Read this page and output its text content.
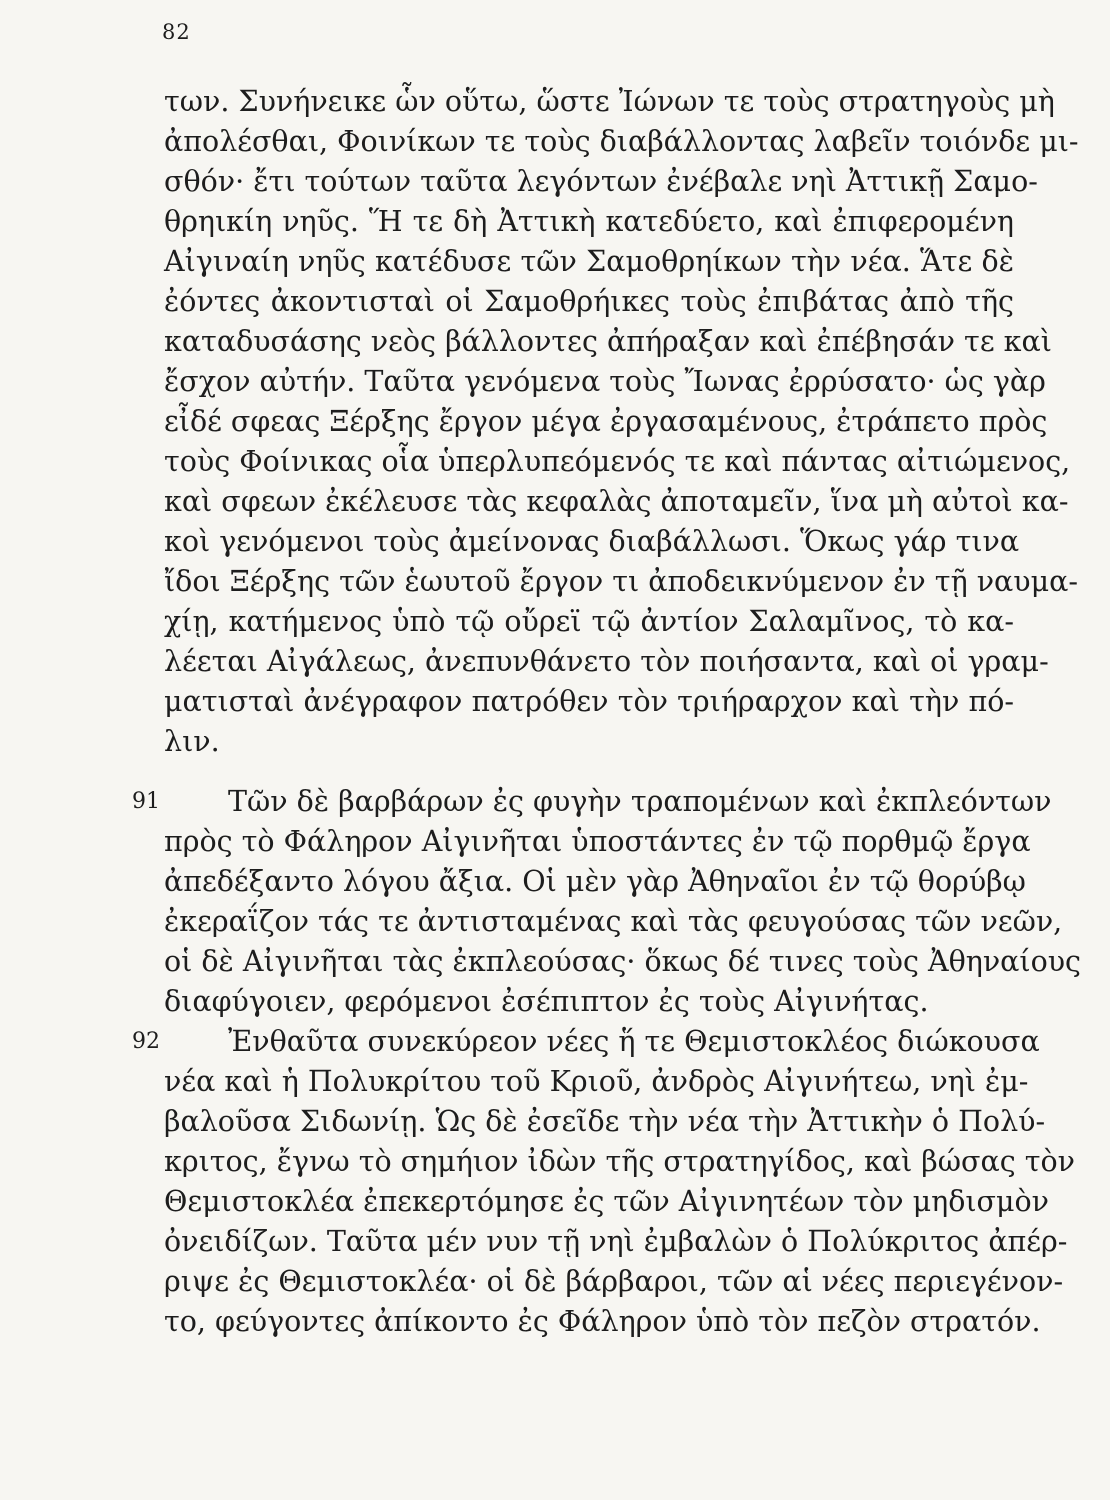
82
91
92
των. Συνήνεικε ὧν οὕτω, ὥστε Ἰώνων τε τοὺς στρατηγοὺς μὴ
ἀπολέσθαι, Φοινίκων τε τοὺς διαβάλλοντας λαβεῖν τοιόνδε μι-
σθόν· ἔτι τούτων ταῦτα λεγόντων ἐνέβαλε νηὶ Ἀττικῇ Σαμο-
θρηικίη νηῦς. Ἥ τε δὴ Ἀττικὴ κατεδύετο, καὶ ἐπιφερομένη
Αἰγιναίη νηῦς κατέδυσε τῶν Σαμοθρηίκων τὴν νέα. Ἅτε δὲ
ἐόντες ἀκοντισταὶ οἱ Σαμοθρήικες τοὺς ἐπιβάτας ἀπὸ τῆς
καταδυσάσης νεὸς βάλλοντες ἀπήραξαν καὶ ἐπέβησάν τε καὶ
ἔσχον αὐτήν. Ταῦτα γενόμενα τοὺς Ἴωνας ἐρρύσατο· ὡς γὰρ
εἶδέ σφεας Ξέρξης ἔργον μέγα ἐργασαμένους, ἐτράπετο πρὸς
τοὺς Φοίνικας οἷα ὑπερλυπεόμενός τε καὶ πάντας αἰτιώμενος,
καὶ σφεων ἐκέλευσε τὰς κεφαλὰς ἀποταμεῖν, ἵνα μὴ αὐτοὶ κα-
κοὶ γενόμενοι τοὺς ἀμείνονας διαβάλλωσι. Ὅκως γάρ τινα
ἴδοι Ξέρξης τῶν ἑωυτοῦ ἔργον τι ἀποδεικνύμενον ἐν τῇ ναυμα-
χίῃ, κατήμενος ὑπὸ τῷ οὔρεϊ τῷ ἀντίον Σαλαμῖνος, τὸ κα-
λέεται Αἰγάλεως, ἀνεπυνθάνετο τὸν ποιήσαντα, καὶ οἱ γραμ-
ματισταὶ ἀνέγραφον πατρόθεν τὸν τριήραρχον καὶ τὴν πό-
λιν.
Τῶν δὲ βαρβάρων ἐς φυγὴν τραπομένων καὶ ἐκπλεόντων
πρὸς τὸ Φάληρον Αἰγινῆται ὑποστάντες ἐν τῷ πορθμῷ ἔργα
ἀπεδέξαντο λόγου ἄξια. Οἱ μὲν γὰρ Ἀθηναῖοι ἐν τῷ θορύβῳ
ἐκεραΐζον τάς τε ἀντισταμένας καὶ τὰς φευγούσας τῶν νεῶν,
οἱ δὲ Αἰγινῆται τὰς ἐκπλεούσας· ὅκως δέ τινες τοὺς Ἀθηναίους
διαφύγοιεν, φερόμενοι ἐσέπιπτον ἐς τοὺς Αἰγινήτας.
Ἐνθαῦτα συνεκύρεον νέες ἥ τε Θεμιστοκλέος διώκουσα
νέα καὶ ἡ Πολυκρίτου τοῦ Κριοῦ, ἀνδρὸς Αἰγινήτεω, νηὶ ἐμ-
βαλοῦσα Σιδωνίῃ. Ὡς δὲ ἐσεῖδε τὴν νέα τὴν Ἀττικὴν ὁ Πολύ-
κριτος, ἔγνω τὸ σημήιον ἰδὼν τῆς στρατηγίδος, καὶ βώσας τὸν
Θεμιστοκλέα ἐπεκερτόμησε ἐς τῶν Αἰγινητέων τὸν μηδισμὸν
ὀνειδίζων. Ταῦτα μέν νυν τῇ νηὶ ἐμβαλὼν ὁ Πολύκριτος ἀπέρ-
ριψε ἐς Θεμιστοκλέα· οἱ δὲ βάρβαροι, τῶν αἱ νέες περιεγένον-
το, φεύγοντες ἀπίκοντο ἐς Φάληρον ὑπὸ τὸν πεζὸν στρατόν.
